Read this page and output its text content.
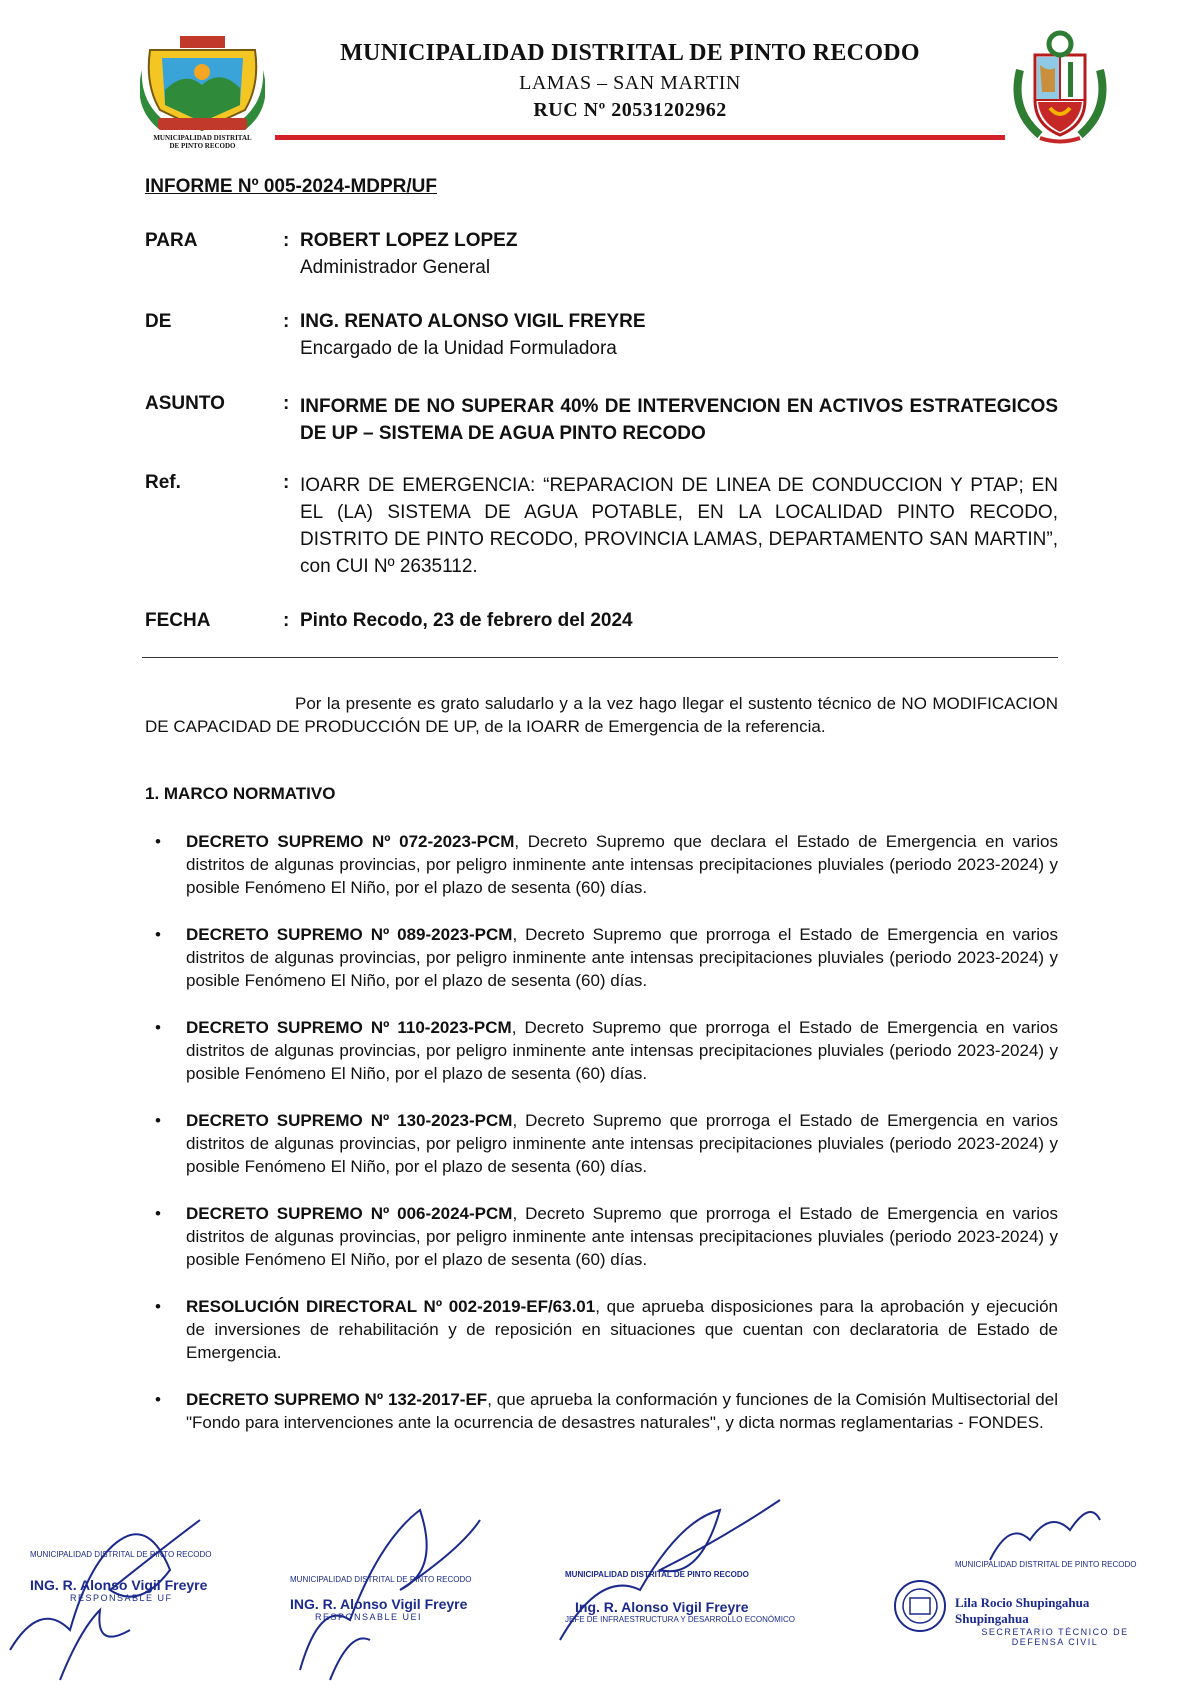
MUNICIPALIDAD DISTRITAL
DE PINTO RECODO
MUNICIPALIDAD DISTRITAL DE PINTO RECODO
LAMAS – SAN MARTIN
RUC Nº 20531202962
INFORME Nº 005-2024-MDPR/UF
PARA	: ROBERT LOPEZ LOPEZ
Administrador General
DE	: ING. RENATO ALONSO VIGIL FREYRE
Encargado de la Unidad Formuladora
ASUNTO	: INFORME DE NO SUPERAR 40% DE INTERVENCION EN ACTIVOS ESTRATEGICOS DE UP – SISTEMA DE AGUA PINTO RECODO
Ref.	: IOARR DE EMERGENCIA: “REPARACION DE LINEA DE CONDUCCION Y PTAP; EN EL (LA) SISTEMA DE AGUA POTABLE, EN LA LOCALIDAD PINTO RECODO, DISTRITO DE PINTO RECODO, PROVINCIA LAMAS, DEPARTAMENTO SAN MARTIN”, con CUI Nº 2635112.
FECHA	: Pinto Recodo, 23 de febrero del 2024
Por la presente es grato saludarlo y a la vez hago llegar el sustento técnico de NO MODIFICACION DE CAPACIDAD DE PRODUCCIÓN DE UP, de la IOARR de Emergencia de la referencia.
1. MARCO NORMATIVO
• DECRETO SUPREMO Nº 072-2023-PCM, Decreto Supremo que declara el Estado de Emergencia en varios distritos de algunas provincias, por peligro inminente ante intensas precipitaciones pluviales (periodo 2023-2024) y posible Fenómeno El Niño, por el plazo de sesenta (60) días.
• DECRETO SUPREMO Nº 089-2023-PCM, Decreto Supremo que prorroga el Estado de Emergencia en varios distritos de algunas provincias, por peligro inminente ante intensas precipitaciones pluviales (periodo 2023-2024) y posible Fenómeno El Niño, por el plazo de sesenta (60) días.
• DECRETO SUPREMO Nº 110-2023-PCM, Decreto Supremo que prorroga el Estado de Emergencia en varios distritos de algunas provincias, por peligro inminente ante intensas precipitaciones pluviales (periodo 2023-2024) y posible Fenómeno El Niño, por el plazo de sesenta (60) días.
• DECRETO SUPREMO Nº 130-2023-PCM, Decreto Supremo que prorroga el Estado de Emergencia en varios distritos de algunas provincias, por peligro inminente ante intensas precipitaciones pluviales (periodo 2023-2024) y posible Fenómeno El Niño, por el plazo de sesenta (60) días.
• DECRETO SUPREMO Nº 006-2024-PCM, Decreto Supremo que prorroga el Estado de Emergencia en varios distritos de algunas provincias, por peligro inminente ante intensas precipitaciones pluviales (periodo 2023-2024) y posible Fenómeno El Niño, por el plazo de sesenta (60) días.
• RESOLUCIÓN DIRECTORAL Nº 002-2019-EF/63.01, que aprueba disposiciones para la aprobación y ejecución de inversiones de rehabilitación y de reposición en situaciones que cuentan con declaratoria de Estado de Emergencia.
• DECRETO SUPREMO Nº 132-2017-EF, que aprueba la conformación y funciones de la Comisión Multisectorial del "Fondo para intervenciones ante la ocurrencia de desastres naturales", y dicta normas reglamentarias - FONDES.
MUNICIPALIDAD DISTRITAL DE PINTO RECODO
ING. R. Alonso Vigil Freyre
RESPONSABLE UF
MUNICIPALIDAD DISTRITAL DE PINTO RECODO
ING. R. Alonso Vigil Freyre
RESPONSABLE UEI
MUNICIPALIDAD DISTRITAL DE PINTO RECODO
Ing. R. Alonso Vigil Freyre
JEFE DE INFRAESTRUCTURA Y DESARROLLO ECONÓMICO
MUNICIPALIDAD DISTRITAL DE PINTO RECODO
Lila Rocio Shupingahua Shupingahua
SECRETARIO TÉCNICO DE DEFENSA CIVIL
